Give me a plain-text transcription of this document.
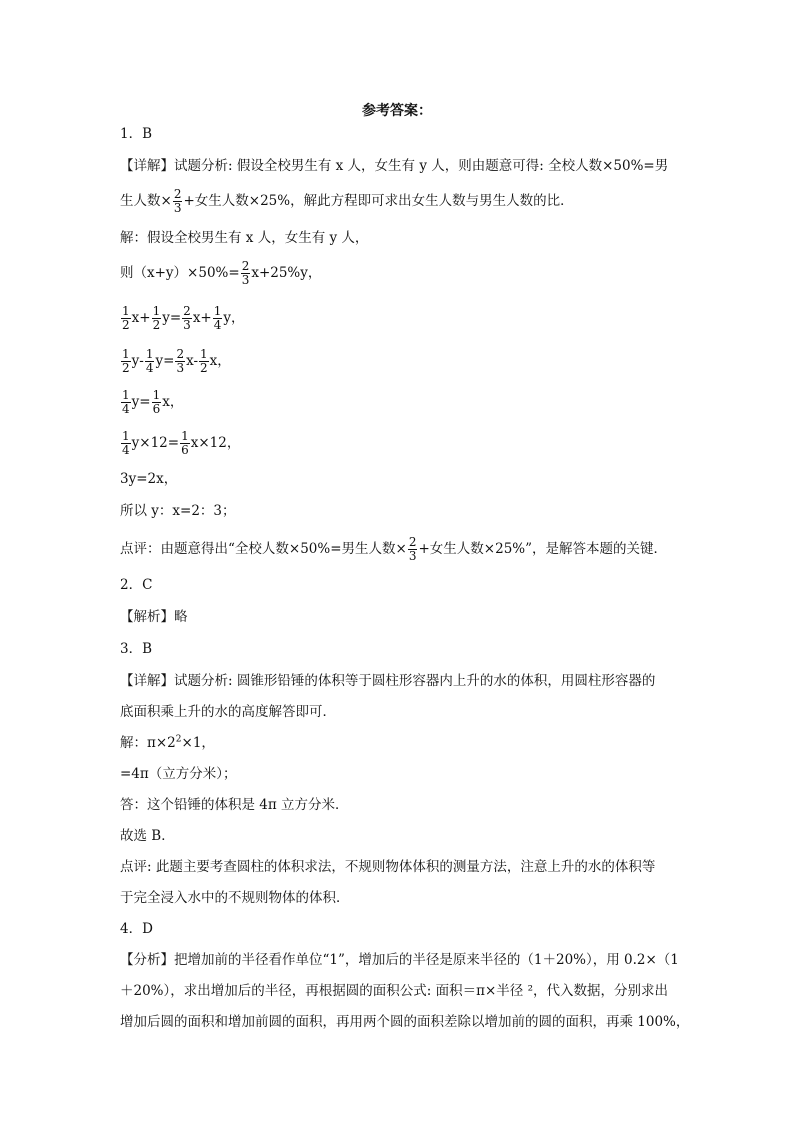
参考答案：
1．B
【详解】试题分析: 假设全校男生有 x 人，女生有 y 人，则由题意可得: 全校人数×50%=男
生人数× $\frac{2}{3}$ +女生人数×25%，解此方程即可求出女生人数与男生人数的比．
解：假设全校男生有 x 人，女生有 y 人，
则$(x+y)\times 50\%= \frac{2}{3} x+25\%y$，
$\frac{1}{2} x+ \frac{1}{2} y= \frac{2}{3} x+ \frac{1}{4}$ y，
$\frac{1}{2} y- \frac{1}{4} y= \frac{2}{3} x- \frac{1}{2}$ x，
$\frac{1}{4} y= \frac{1}{6}$ x，
$\frac{1}{4} y\times 12= \frac{1}{6} x\times 12$，
3y=2x，
所以 y：x=2：3；
点评：由题意得出“全校人数×50%=男生人数× $\frac{2}{3}$ +女生人数×25%”，是解答本题的关键．
2．C
【解析】略
3．B
【详解】试题分析: 圆锥形铅锤的体积等于圆柱形容器内上升的水的体积，用圆柱形容器的
底面积乘上升的水的高度解答即可．
解：$\pi\times 2^2\times 1$，
=4π（立方分米）；
答：这个铅锤的体积是 4π 立方分米．
故选 B．
点评: 此题主要考查圆柱的体积求法，不规则物体体积的测量方法，注意上升的水的体积等
于完全浸入水中的不规则物体的体积．
4．D
【分析】把增加前的半径看作单位“1”，增加后的半径是原来半径的（1＋20%），用 0.2×（1
＋20%），求出增加后的半径，再根据圆的面积公式: 面积＝π×半径 ²，代入数据，分别求出
增加后圆的面积和增加前圆的面积，再用两个圆的面积差除以增加前的圆的面积，再乘 100%，
